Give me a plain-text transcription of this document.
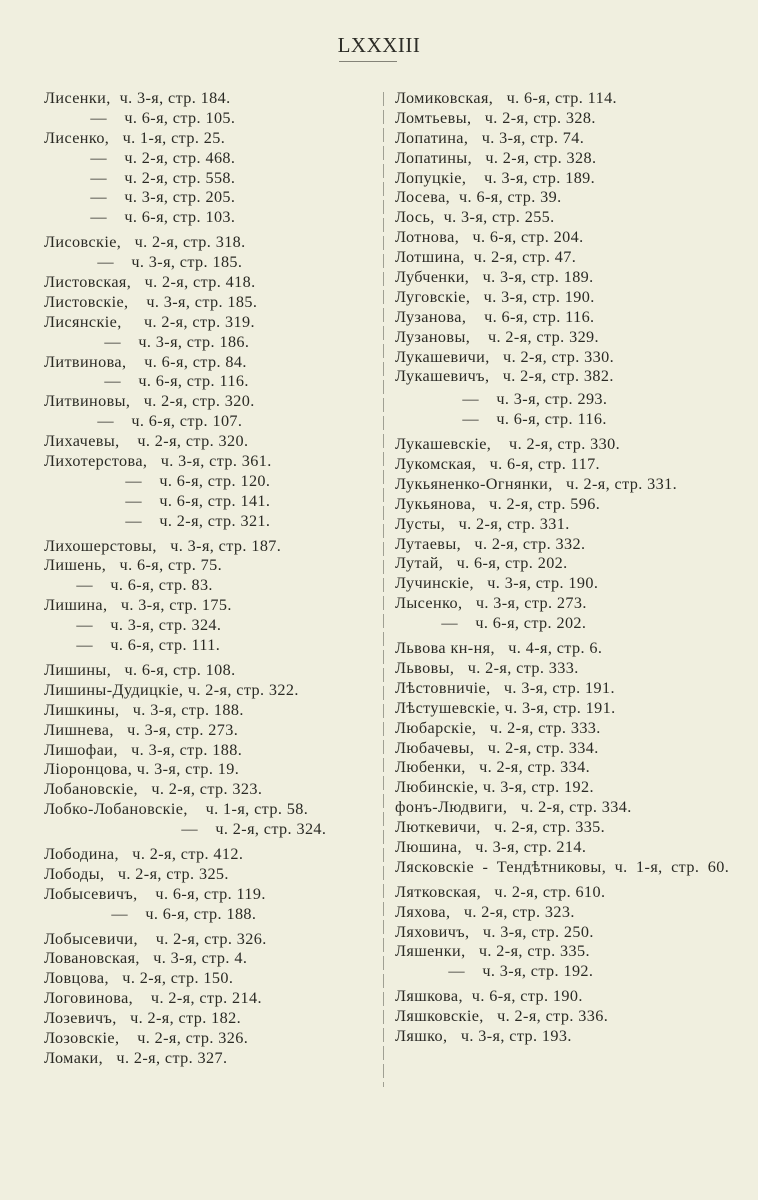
LXXXIII
Лисенки, ч. 3-я, стр. 184.
— ч. 6-я, стр. 105.
Лисенко, ч. 1-я, стр. 25.
— ч. 2-я, стр. 468.
— ч. 2-я, стр. 558.
— ч. 3-я, стр. 205.
— ч. 6-я, стр. 103.
Лисовскіе, ч. 2-я, стр. 318.
— ч. 3-я, стр. 185.
Листовская, ч. 2-я, стр. 418.
Листовскіе, ч. 3-я, стр. 185.
Лисянскіе, ч. 2-я, стр. 319.
— ч. 3-я, стр. 186.
Литвинова, ч. 6-я, стр. 84.
— ч. 6-я, стр. 116.
Литвиновы, ч. 2-я, стр. 320.
— ч. 6-я, стр. 107.
Лихачевы, ч. 2-я, стр. 320.
Лихотерстова, ч. 3-я, стр. 361.
— ч. 6-я, стр. 120.
— ч. 6-я, стр. 141.
— ч. 2-я, стр. 321.
Лихошерстовы, ч. 3-я, стр. 187.
Лишень, ч. 6-я, стр. 75.
— ч. 6-я, стр. 83.
Лишина, ч. 3-я, стр. 175.
— ч. 3-я, стр. 324.
— ч. 6-я, стр. 111.
Лишины, ч. 6-я, стр. 108.
Лишины-Дудицкіе, ч. 2-я, стр. 322.
Лишкины, ч. 3-я, стр. 188.
Лишнева, ч. 3-я, стр. 273.
Лишофаи, ч. 3-я, стр. 188.
Ліоронцова, ч. 3-я, стр. 19.
Лобановскіе, ч. 2-я, стр. 323.
Лобко-Лобановскіе, ч. 1-я, стр. 58.
— ч. 2-я, стр. 324.
Лободина, ч. 2-я, стр. 412.
Лободы, ч. 2-я, стр. 325.
Лобысевичъ, ч. 6-я, стр. 119.
— ч. 6-я, стр. 188.
Лобысевичи, ч. 2-я, стр. 326.
Ловановская, ч. 3-я, стр. 4.
Ловцова, ч. 2-я, стр. 150.
Логовинова, ч. 2-я, стр. 214.
Лозевичъ, ч. 2-я, стр. 182.
Лозовскіе, ч. 2-я, стр. 326.
Ломаки, ч. 2-я, стр. 327.
Ломиковская, ч. 6-я, стр. 114.
Ломтьевы, ч. 2-я, стр. 328.
Лопатина, ч. 3-я, стр. 74.
Лопатины, ч. 2-я, стр. 328.
Лопуцкіе, ч. 3-я, стр. 189.
Лосева, ч. 6-я, стр. 39.
Лось, ч. 3-я, стр. 255.
Лотнова, ч. 6-я, стр. 204.
Лотшина, ч. 2-я, стр. 47.
Лубченки, ч. 3-я, стр. 189.
Луговскіе, ч. 3-я, стр. 190.
Лузанова, ч. 6-я, стр. 116.
Лузановы, ч. 2-я, стр. 329.
Лукашевичи, ч. 2-я, стр. 330.
Лукашевичъ, ч. 2-я, стр. 382.
— ч. 3-я, стр. 293.
— ч. 6-я, стр. 116.
Лукашевскіе, ч. 2-я, стр. 330.
Лукомская, ч. 6-я, стр. 117.
Лукьяненко-Огнянки, ч. 2-я, стр. 331.
Лукьянова, ч. 2-я, стр. 596.
Лусты, ч. 2-я, стр. 331.
Лутаевы, ч. 2-я, стр. 332.
Лутай, ч. 6-я, стр. 202.
Лучинскіе, ч. 3-я, стр. 190.
Лысенко, ч. 3-я, стр. 273.
— ч. 6-я, стр. 202.
Львова кн-ня, ч. 4-я, стр. 6.
Львовы, ч. 2-я, стр. 333.
Лѣстовничіе, ч. 3-я, стр. 191.
Лѣстушевскіе, ч. 3-я, стр. 191.
Любарскіе, ч. 2-я, стр. 333.
Любачевы, ч. 2-я, стр. 334.
Любенки, ч. 2-я, стр. 334.
Любинскіе, ч. 3-я, стр. 192.
фонъ-Людвиги, ч. 2-я, стр. 334.
Люткевичи, ч. 2-я, стр. 335.
Люшина, ч. 3-я, стр. 214.
Лясковскіе - Тендѣтниковы, ч. 1-я, стр. 60.
Лятковская, ч. 2-я, стр. 610.
Ляхова, ч. 2-я, стр. 323.
Ляховичъ, ч. 3-я, стр. 250.
Ляшенки, ч. 2-я, стр. 335.
— ч. 3-я, стр. 192.
Ляшкова, ч. 6-я, стр. 190.
Ляшковскіе, ч. 2-я, стр. 336.
Ляшко, ч. 3-я, стр. 193.
